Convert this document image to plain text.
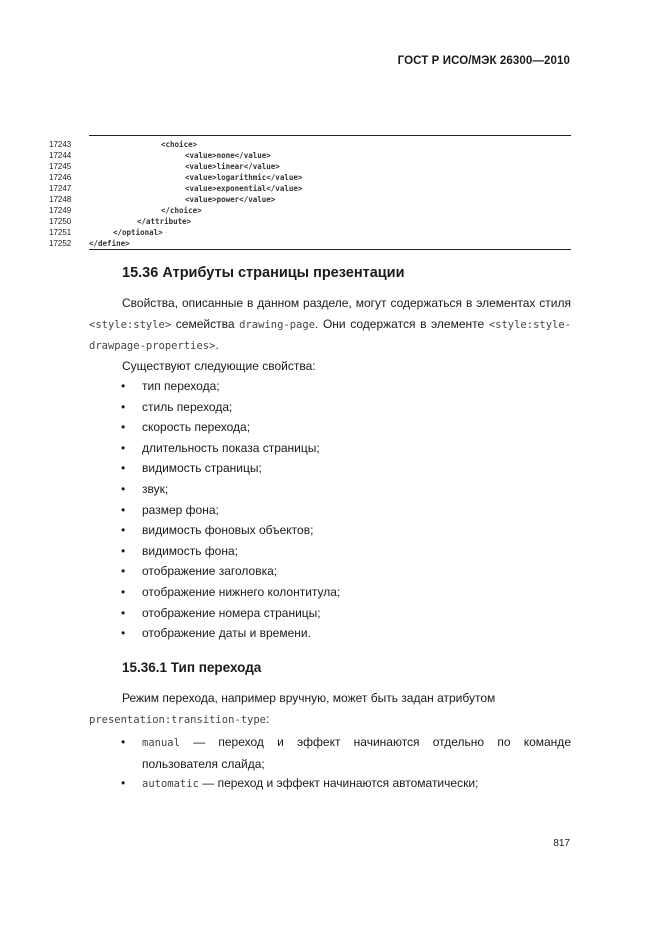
ГОСТ Р ИСО/МЭК 26300—2010
17243	<choice>
17244	<value>none</value>
17245	<value>linear</value>
17246	<value>logarithmic</value>
17247	<value>exponential</value>
17248	<value>power</value>
17249	</choice>
17250	</attribute>
17251	</optional>
17252	</define>
15.36 Атрибуты страницы презентации
Свойства, описанные в данном разделе, могут содержаться в элементах стиля <style:style> семейства drawing-page. Они содержатся в элементе <style:style-drawpage-properties>.
Существуют следующие свойства:
• тип перехода;
• стиль перехода;
• скорость перехода;
• длительность показа страницы;
• видимость страницы;
• звук;
• размер фона;
• видимость фоновых объектов;
• видимость фона;
• отображение заголовка;
• отображение нижнего колонтитула;
• отображение номера страницы;
• отображение даты и времени.
15.36.1 Тип перехода
Режим перехода, например вручную, может быть задан атрибутом
presentation:transition-type:
• manual — переход и эффект начинаются отдельно по команде пользователя слайда;
• automatic — переход и эффект начинаются автоматически;
817
